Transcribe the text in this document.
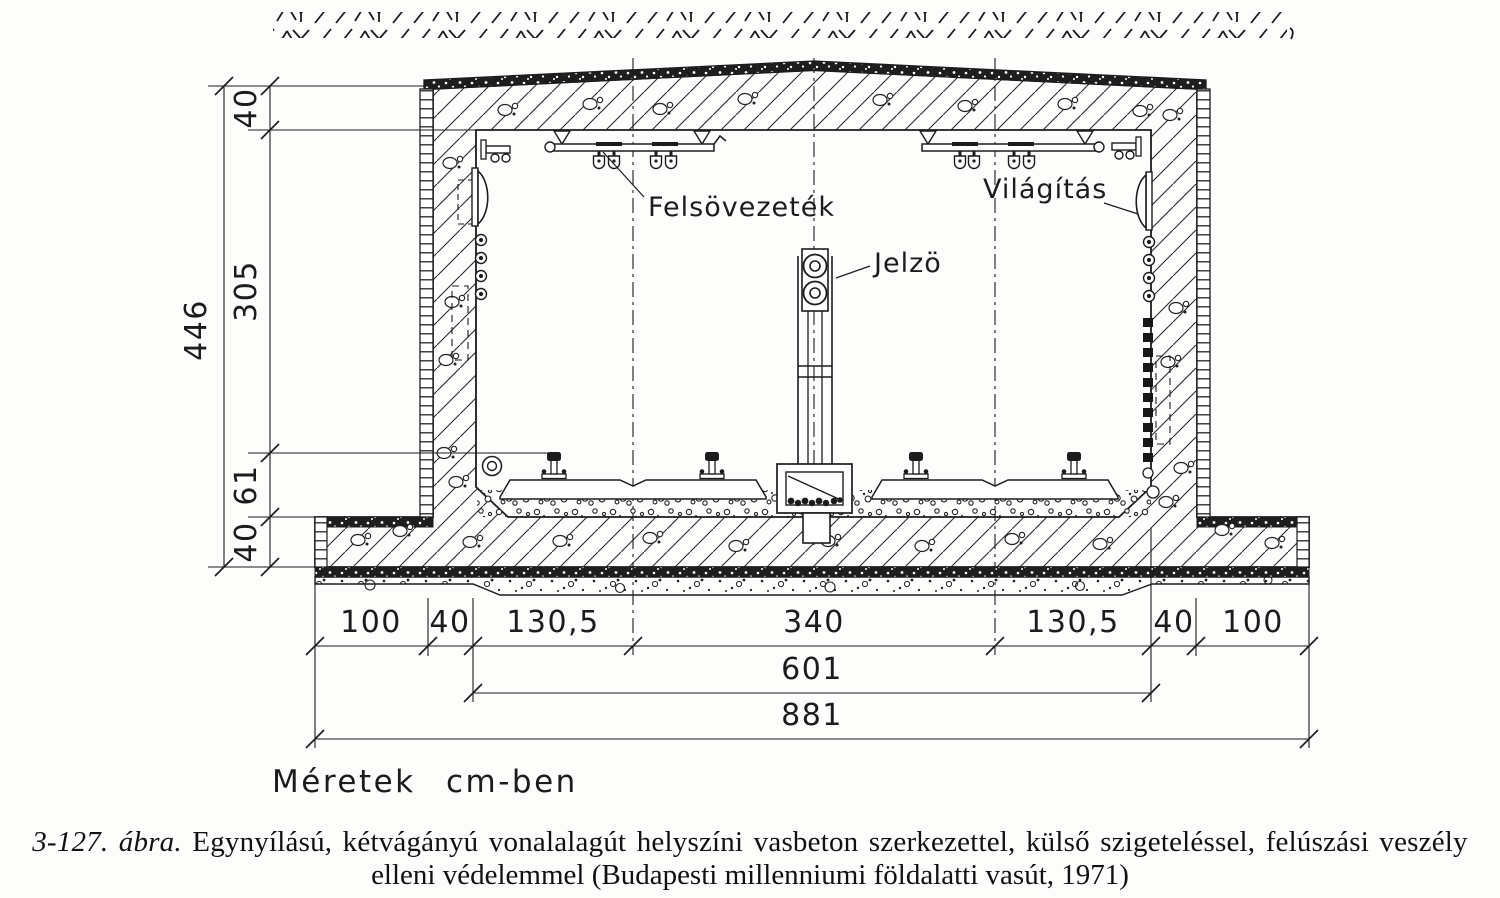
446
40
305
61
40
100 40 130,5	340	130,5 40 100
601
881
Felsövezeték
Jelzö
Világítás
Méretek cm-ben
3-127. ábra. Egynyílású, kétvágányú vonalalagút helyszíni vasbeton szerkezettel, külső szigeteléssel, felúszási veszély
elleni védelemmel (Budapesti millenniumi földalatti vasút, 1971)
